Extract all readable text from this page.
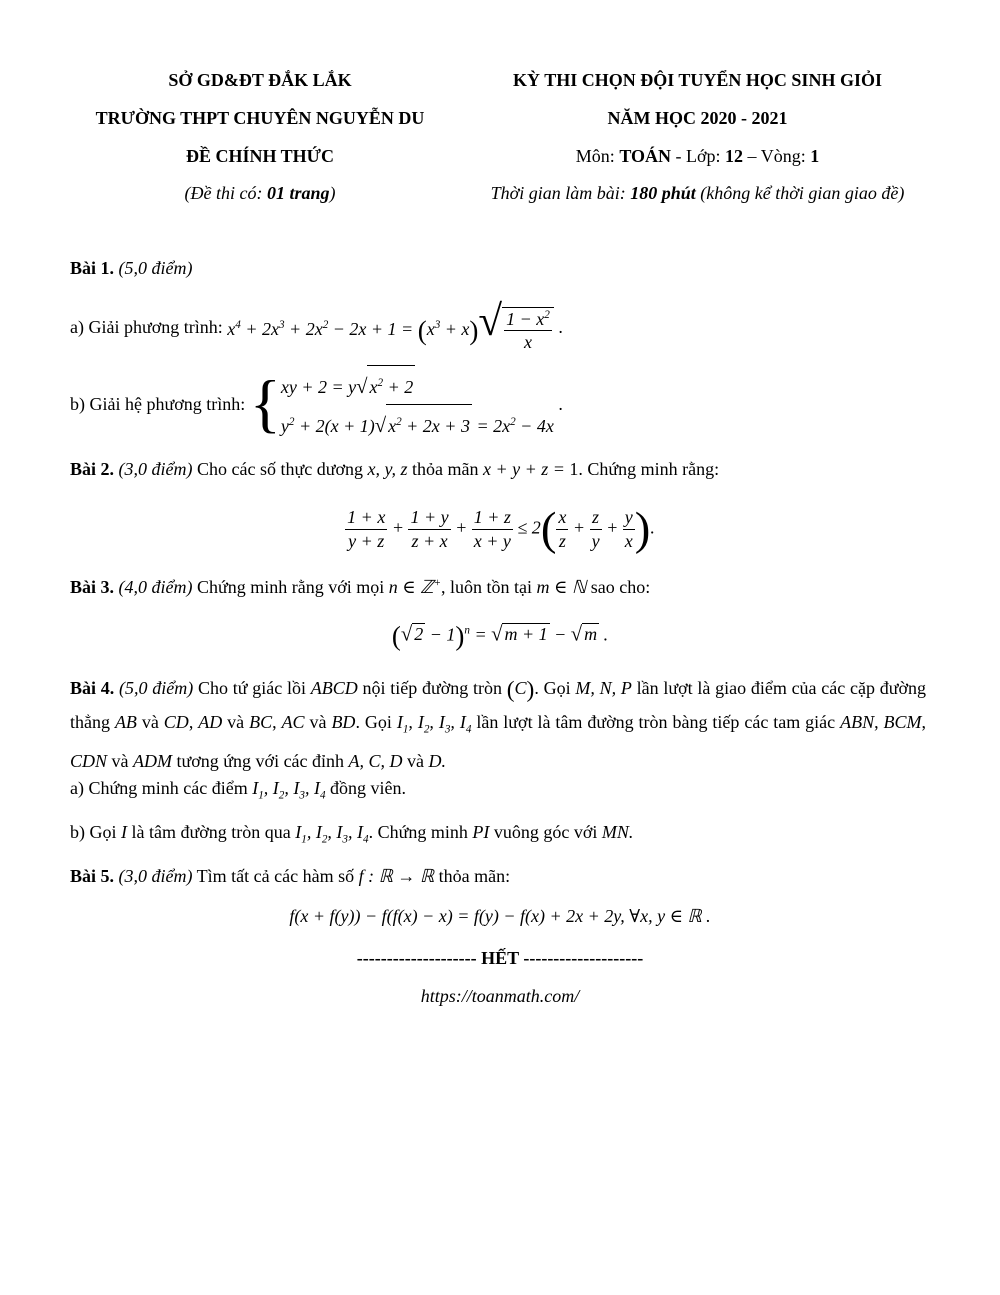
SỞ GD&ĐT ĐẮK LẮK
TRƯỜNG THPT CHUYÊN NGUYỄN DU
ĐỀ CHÍNH THỨC
(Đề thi có: 01 trang)
KỲ THI CHỌN ĐỘI TUYỂN HỌC SINH GIỎI
NĂM HỌC 2020 - 2021
Môn: TOÁN - Lớp: 12 – Vòng: 1
Thời gian làm bài: 180 phút (không kể thời gian giao đề)
Bài 1. (5,0 điểm)
a) Giải phương trình:
$x^4 + 2x^3 + 2x^2 - 2x + 1 = (x^3 + x)√ \frac{1 - x^2}{x}$ .
b) Giải hệ phương trình:
{ xy + 2 = y√ $x^2 + 2$
$y^2 + 2(x + 1)√$ $x^2 + 2x + 3 = 2x^2 - 4x$
.
Bài 2. (3,0 điểm) Cho các số thực dương x, y, z thỏa mãn x + y + z = 1. Chứng minh rằng:
$\frac{1 + x}{y + z} + \frac{1 + y}{z + x} + \frac{1 + z}{x + y} \le 2( \frac{x}{z} + \frac{z}{y} + \frac{y}{x}$ ).
Bài 3. (4,0 điểm) Chứng minh rằng với mọi n ∈ ℤ+, luôn tồn tại m ∈ ℕ sao cho:
(√ 2 − 1)$^n$ = √ m + 1 − √ m .
Bài 4. (5,0 điểm) Cho tứ giác lồi ABCD nội tiếp đường tròn (C). Gọi M, N, P lần lượt là giao điểm của các cặp đường thẳng AB và CD, AD và BC, AC và BD. Gọi $I_1$, $I_2$, $I_3$, $I_4$ lần lượt là tâm đường tròn bàng tiếp các tam giác ABN, BCM, CDN và ADM tương ứng với các đỉnh A, C, D và D.
a) Chứng minh các điểm $I_1$, $I_2$, $I_3$, $I_4$ đồng viên.
b) Gọi I là tâm đường tròn qua $I_1$, $I_2$, $I_3$, $I_4$. Chứng minh PI vuông góc với MN.
Bài 5. (3,0 điểm) Tìm tất cả các hàm số f : ℝ → ℝ thỏa mãn:
f(x + f(y)) − f(f(x) − x) = f(y) − f(x) + 2x + 2y, ∀x, y ∈ ℝ .
-------------------- HẾT --------------------
https://toanmath.com/
